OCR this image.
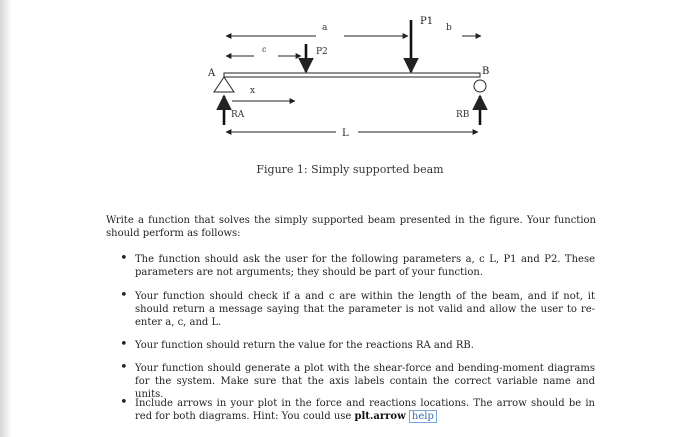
a
P1
b
c	P2
A	B
x
RA	RB
L
Figure 1: Simply supported beam
Write a function that solves the simply supported beam presented in the figure. Your function should perform as follows:
• The function should ask the user for the following parameters a, c L, P1 and P2. These parameters are not arguments; they should be part of your function.
• Your function should check if a and c are within the length of the beam, and if not, it should return a message saying that the parameter is not valid and allow the user to re-enter a, c, and L.
• Your function should return the value for the reactions RA and RB.
• Your function should generate a plot with the shear-force and bending-moment diagrams for the system. Make sure that the axis labels contain the correct variable name and units.
• Include arrows in your plot in the force and reactions locations. The arrow should be in red for both diagrams. Hint: You could use plt.arrow help
